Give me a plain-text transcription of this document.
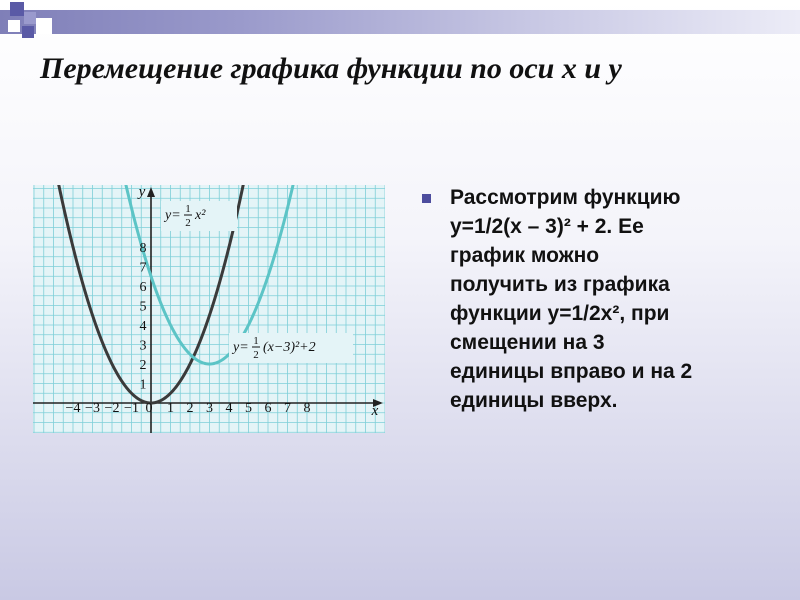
Перемещение графика функции по оси х и у
−4 −3 −2 −1 0 1 2 3 4 5 6 7 8
1
2
3
4
5
6
7
8
x
y
y= 1
2 x²
y= 1
2 (x−3)²+2
Рассмотрим функцию
y=1/2(x – 3)² + 2. Ее
график можно
получить из графика
функции y=1/2x², при
смещении на 3
единицы вправо и на 2
единицы вверх.
